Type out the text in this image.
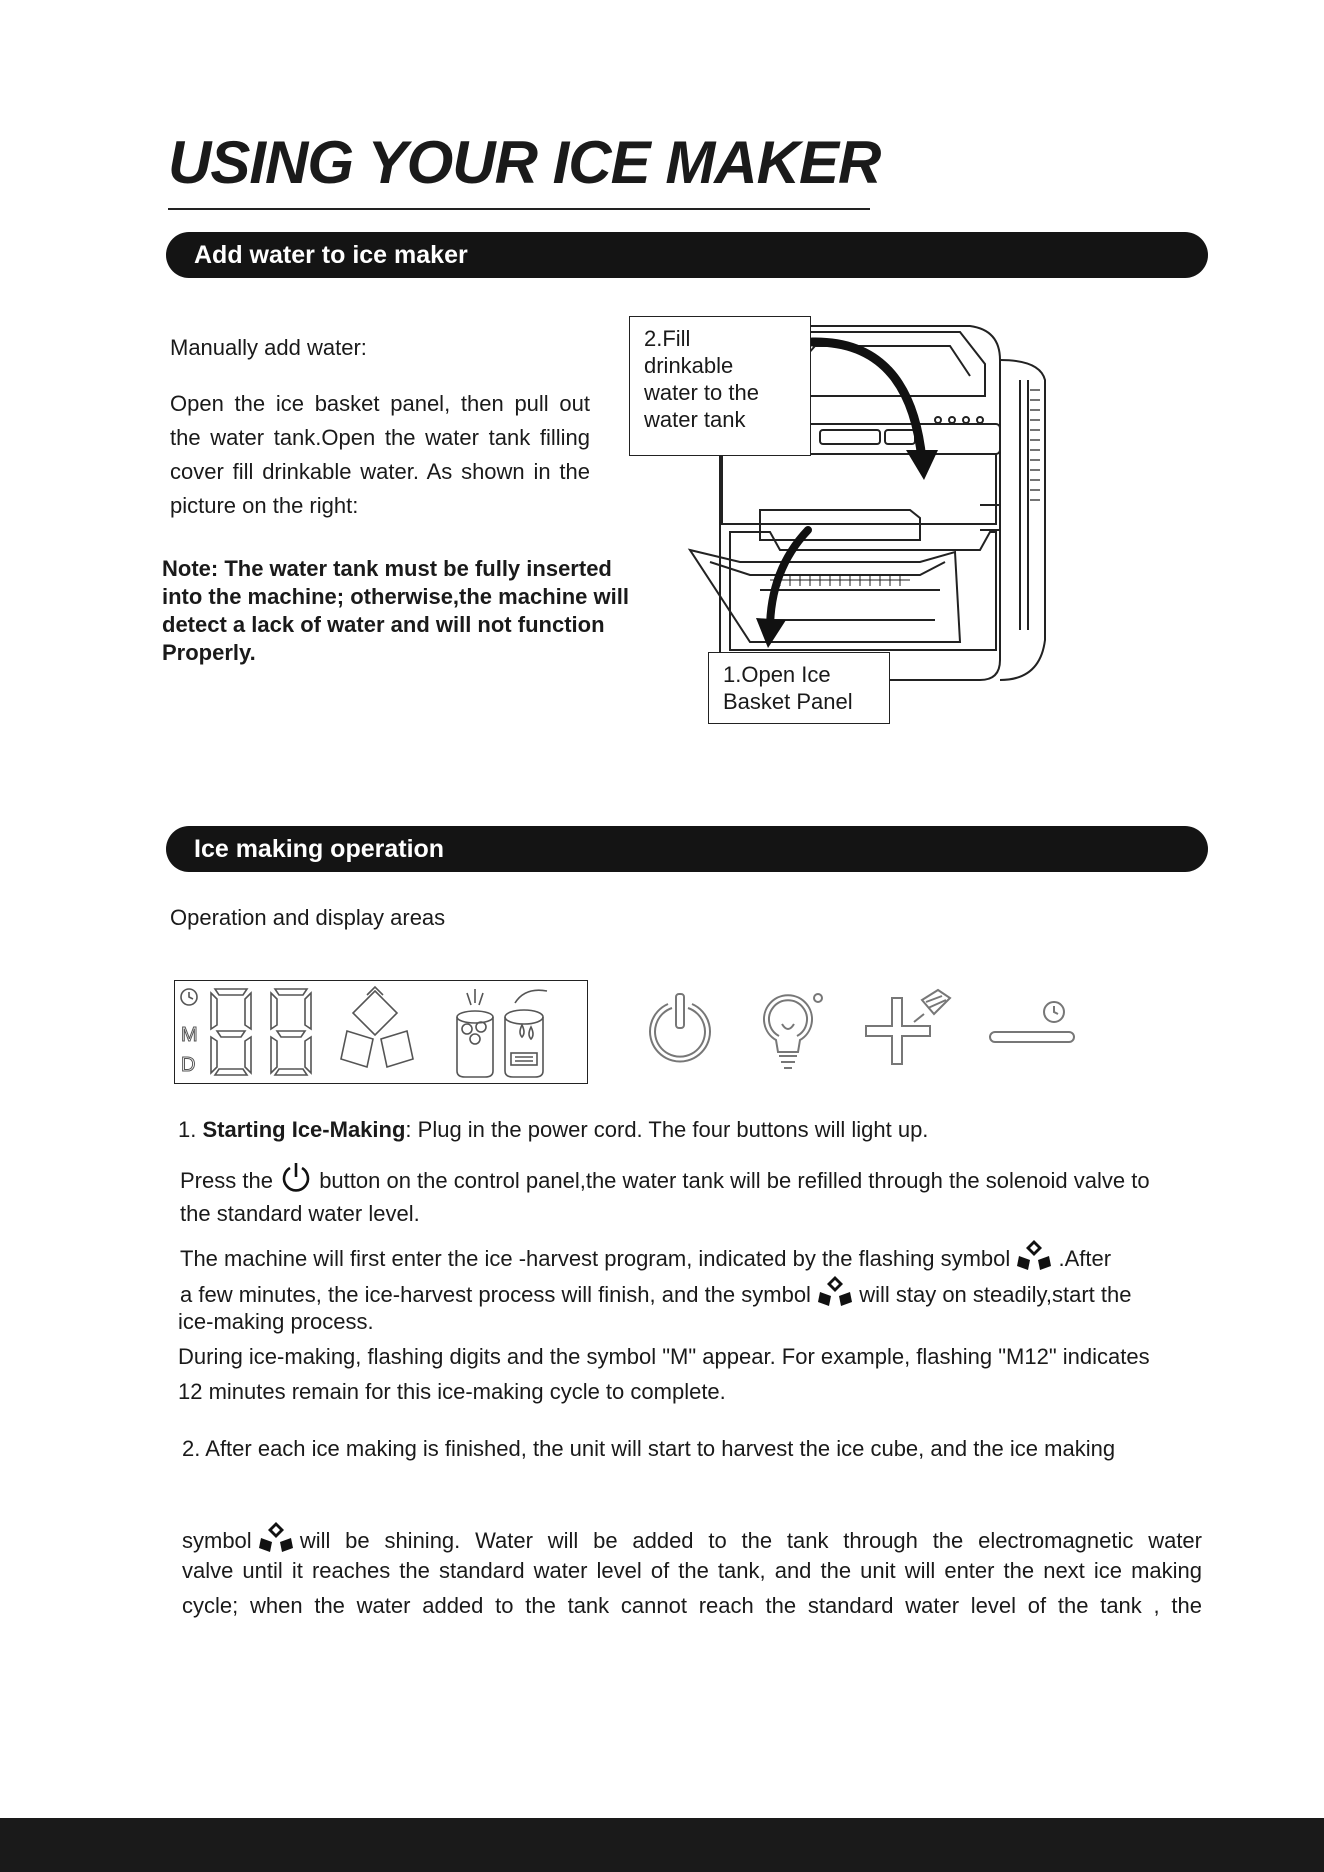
USING YOUR ICE MAKER
Add water to ice maker
Manually add water:
Open the ice basket panel, then pull out
the water tank.Open the water tank filling
cover fill drinkable water. As shown in the
picture on the right:
Note: The water tank must be fully inserted
into the machine; otherwise,the machine will
detect a lack of water and will not function
Properly.
2.Fill
drinkable
water to the
water tank
1.Open Ice
Basket Panel
Ice making operation
Operation and display areas
M
D
1. Starting Ice-Making: Plug in the power cord. The four buttons will light up.
Press the button on the control panel,the water tank will be refilled through the solenoid valve to
the standard water level.
The machine will first enter the ice -harvest program, indicated by the flashing symbol .After
a few minutes, the ice-harvest process will finish, and the symbol will stay on steadily,start the
ice-making process.
During ice-making, flashing digits and the symbol "M" appear. For example, flashing "M12" indicates
12 minutes remain for this ice-making cycle to complete.
2. After each ice making is finished, the unit will start to harvest the ice cube, and the ice making
symbol	will be shining. Water will be added to the tank through the electromagnetic water
valve until it reaches the standard water level of the tank, and the unit will enter the next ice making
cycle; when the water added to the tank cannot reach the standard water level of the tank , the
